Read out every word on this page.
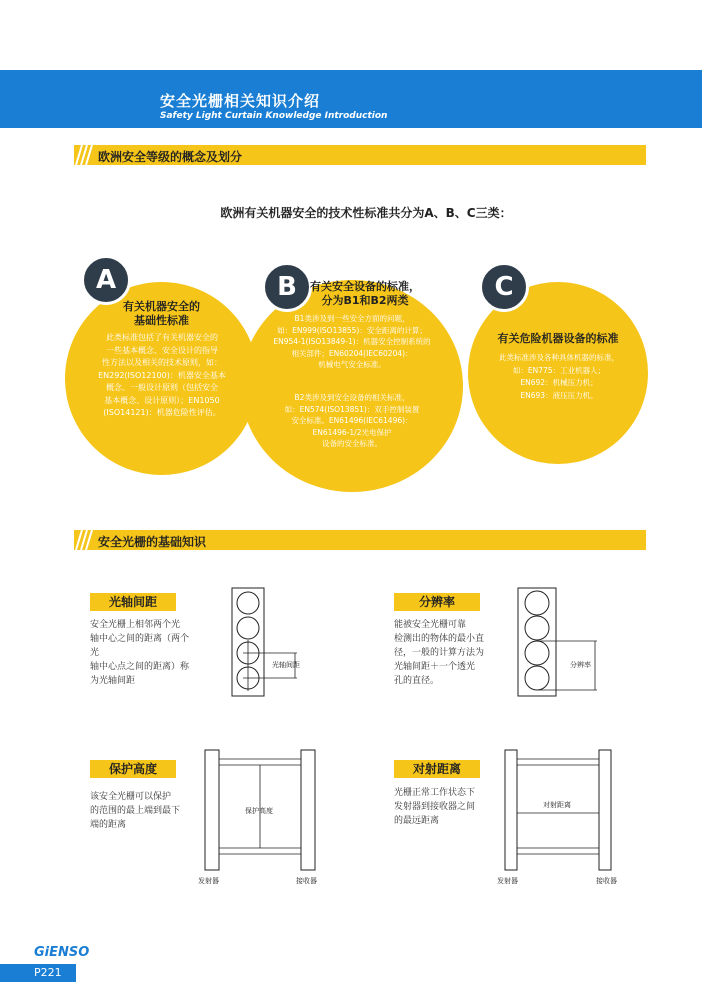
安全光栅相关知识介绍
Safety Light Curtain Knowledge Introduction
欧洲安全等级的概念及划分
欧洲有关机器安全的技术性标准共分为A、B、C三类：
A
有关机器安全的
基础性标准
此类标准包括了有关机器安全的
一些基本概念、安全设计的指导
性方法以及相关的技术原则，如：
EN292(ISO12100)：机器安全基本
概念、一般设计原则（包括安全
基本概念、设计原则）；EN1050
(ISO14121)：机器危险性评估。
B	有关安全设备的标准，
分为B1和B2两类
B1类涉及到一些安全方面的问题，
如：EN999(ISO13855)：安全距离的计算；
EN954-1(ISO13849-1)：机器安全控制系统的
相关部件；EN60204(IEC60204)：
机械电气安全标准。
B2类涉及到安全设备的相关标准，
如：EN574(ISO13851)：双手控制装置
安全标准。EN61496(IEC61496)：
EN61496-1/2光电保护
设备的安全标准。
C
有关危险机器设备的标准
此类标准涉及各种具体机器的标准，
如：EN775：工业机器人；
EN692：机械压力机；
EN693：液压压力机。
安全光栅的基础知识
光轴间距
安全光栅上相邻两个光
轴中心之间的距离（两个光
轴中心点之间的距离）称为光轴间距
光轴间距
分辨率
能被安全光栅可靠
检测出的物体的最小直
径，一般的计算方法为
光轴间距＋一个透光
孔的直径。
分辨率
保护高度
该安全光栅可以保护
的范围的最上端到最下
端的距离
保护高度
发射器	接收器
对射距离
光栅正常工作状态下
发射器到接收器之间
的最远距离
对射距离
发射器	接收器
GiENSO
P221
